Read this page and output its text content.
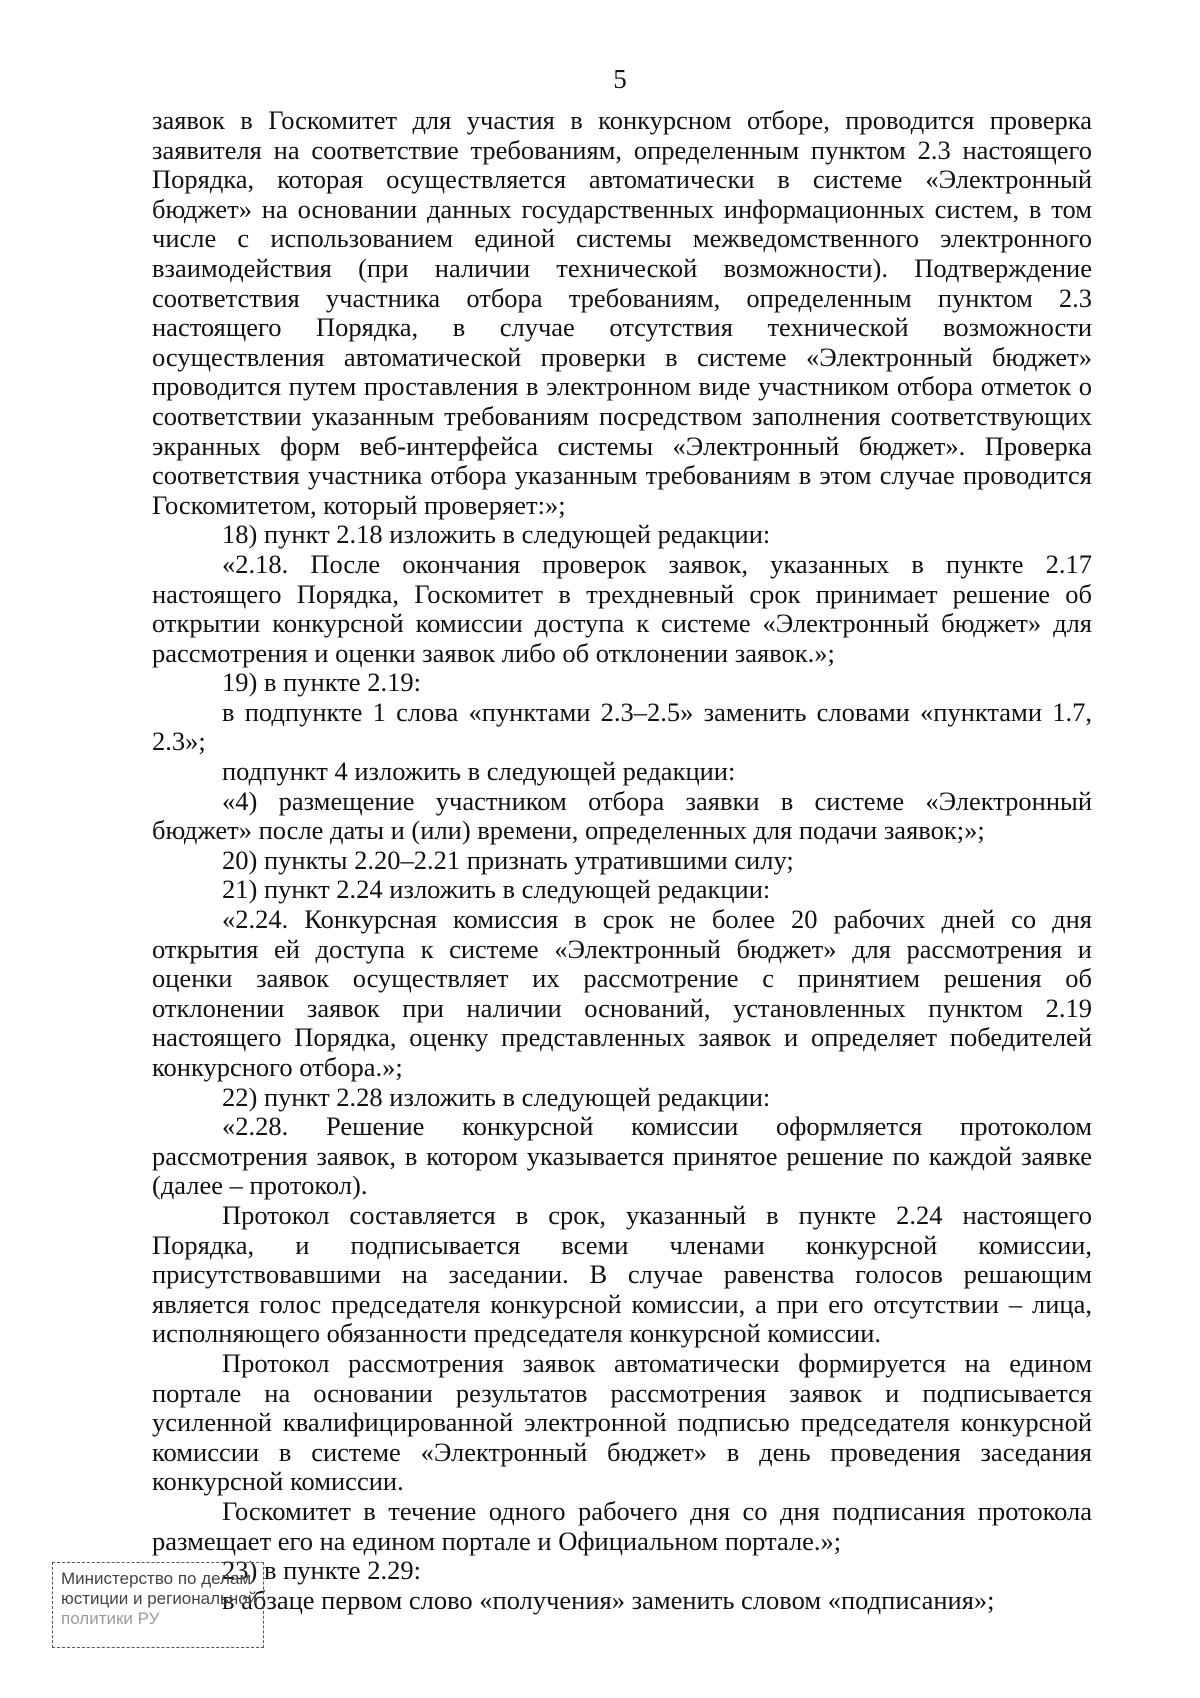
5

заявок в Госкомитет для участия в конкурсном отборе, проводится проверка заявителя на соответствие требованиям, определенным пунктом 2.3 настоящего Порядка, которая осуществляется автоматически в системе «Электронный бюджет» на основании данных государственных информационных систем, в том числе с использованием единой системы межведомственного электронного взаимодействия (при наличии технической возможности). Подтверждение соответствия участника отбора требованиям, определенным пунктом 2.3 настоящего Порядка, в случае отсутствия технической возможности осуществления автоматической проверки в системе «Электронный бюджет» проводится путем проставления в электронном виде участником отбора отметок о соответствии указанным требованиям посредством заполнения соответствующих экранных форм веб-интерфейса системы «Электронный бюджет». Проверка соответствия участника отбора указанным требованиям в этом случае проводится Госкомитетом, который проверяет:»;

18) пункт 2.18 изложить в следующей редакции:

«2.18. После окончания проверок заявок, указанных в пункте 2.17 настоящего Порядка, Госкомитет в трехдневный срок принимает решение об открытии конкурсной комиссии доступа к системе «Электронный бюджет» для рассмотрения и оценки заявок либо об отклонении заявок.»;

19) в пункте 2.19:

в подпункте 1 слова «пунктами 2.3–2.5» заменить словами «пунктами 1.7, 2.3»;

подпункт 4 изложить в следующей редакции:

«4) размещение участником отбора заявки в системе «Электронный бюджет» после даты и (или) времени, определенных для подачи заявок;»;

20) пункты 2.20–2.21 признать утратившими силу;

21) пункт 2.24 изложить в следующей редакции:

«2.24. Конкурсная комиссия в срок не более 20 рабочих дней со дня открытия ей доступа к системе «Электронный бюджет» для рассмотрения и оценки заявок осуществляет их рассмотрение с принятием решения об отклонении заявок при наличии оснований, установленных пунктом 2.19 настоящего Порядка, оценку представленных заявок и определяет победителей конкурсного отбора.»;

22) пункт 2.28 изложить в следующей редакции:

«2.28. Решение конкурсной комиссии оформляется протоколом рассмотрения заявок, в котором указывается принятое решение по каждой заявке (далее – протокол).

Протокол составляется в срок, указанный в пункте 2.24 настоящего Порядка, и подписывается всеми членами конкурсной комиссии, присутствовавшими на заседании. В случае равенства голосов решающим является голос председателя конкурсной комиссии, а при его отсутствии – лица, исполняющего обязанности председателя конкурсной комиссии.

Протокол рассмотрения заявок автоматически формируется на едином портале на основании результатов рассмотрения заявок и подписывается усиленной квалифицированной электронной подписью председателя конкурсной комиссии в системе «Электронный бюджет» в день проведения заседания конкурсной комиссии.

Госкомитет в течение одного рабочего дня со дня подписания протокола размещает его на едином портале и Официальном портале.»;

23) в пункте 2.29:

в абзаце первом слово «получения» заменить словом «подписания»;

Министерство по делам
юстиции и региональной
политики РУ
